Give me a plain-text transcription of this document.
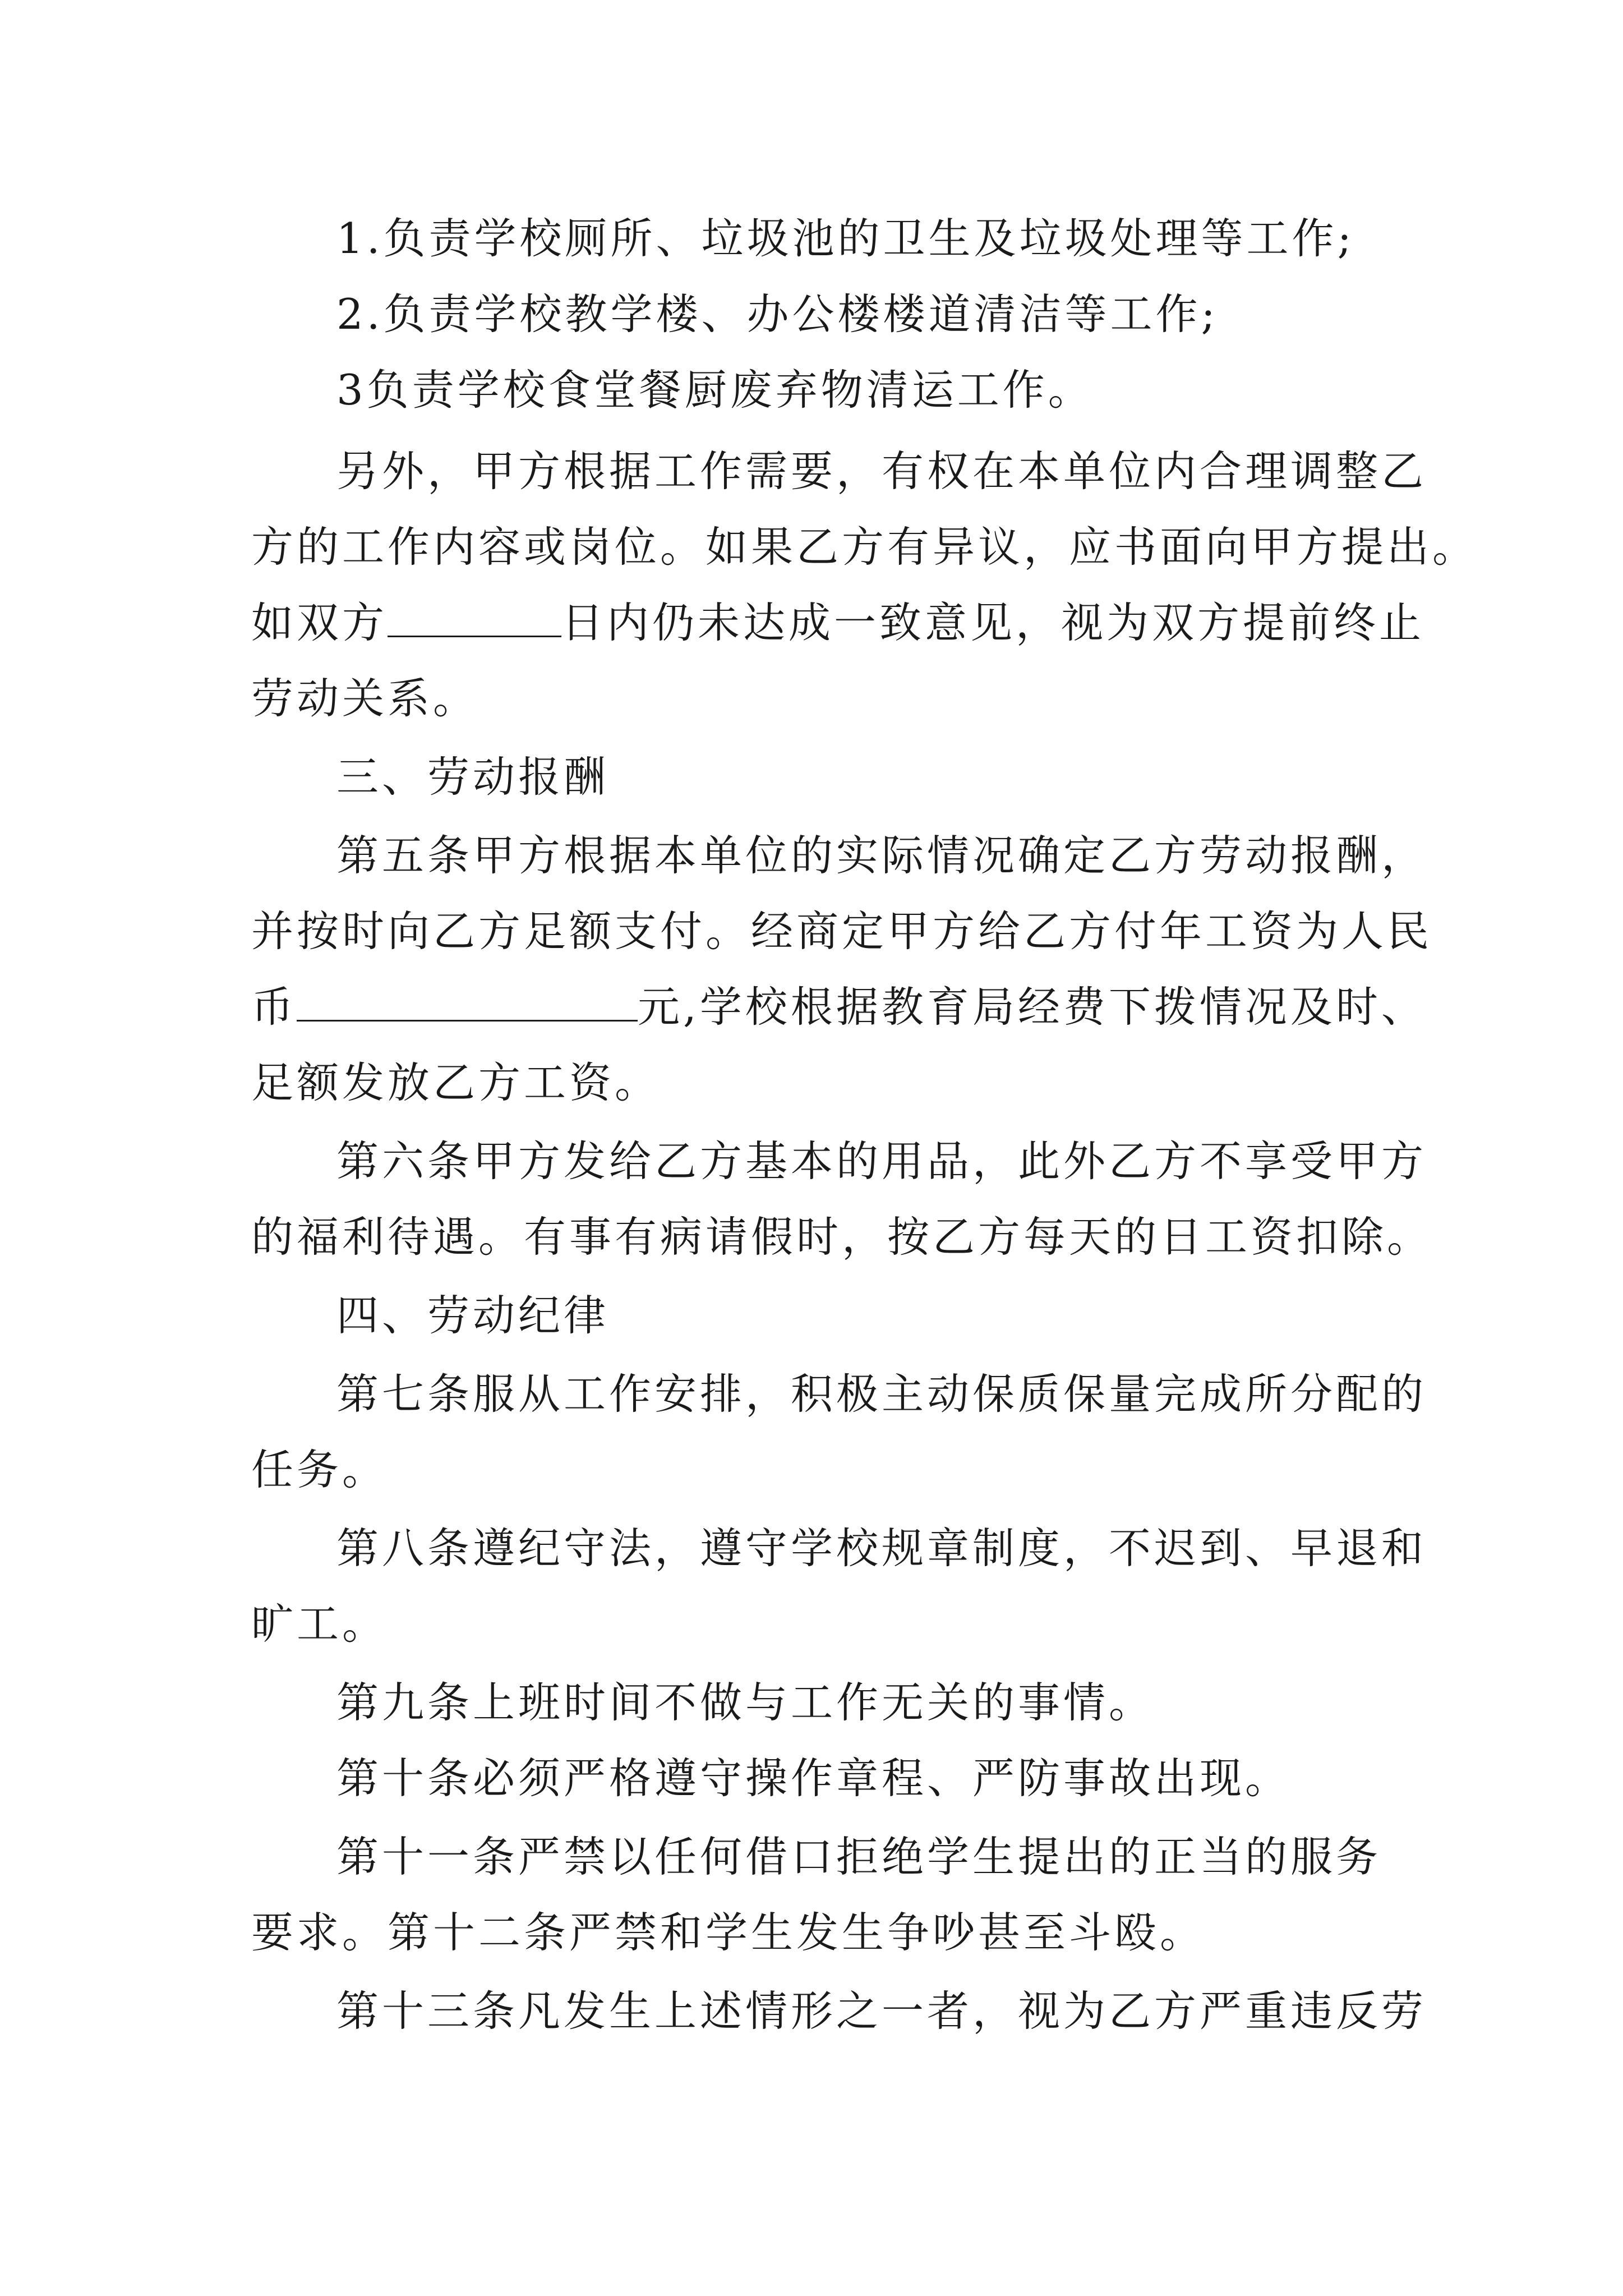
1.负责学校厕所、垃圾池的卫生及垃圾处理等工作;
2.负责学校教学楼、办公楼楼道清洁等工作;
3负责学校食堂餐厨废弃物清运工作。
另外，甲方根据工作需要，有权在本单位内合理调整乙
方的工作内容或岗位。如果乙方有异议，应书面向甲方提出。
如双方	日内仍未达成一致意见，视为双方提前终止
劳动关系。
三、劳动报酬
第五条甲方根据本单位的实际情况确定乙方劳动报酬，
并按时向乙方足额支付。经商定甲方给乙方付年工资为人民
币	元,学校根据教育局经费下拨情况及时、
足额发放乙方工资。
第六条甲方发给乙方基本的用品，此外乙方不享受甲方
的福利待遇。有事有病请假时，按乙方每天的日工资扣除。
四、劳动纪律
第七条服从工作安排，积极主动保质保量完成所分配的
任务。
第八条遵纪守法，遵守学校规章制度，不迟到、早退和
旷工。
第九条上班时间不做与工作无关的事情。
第十条必须严格遵守操作章程、严防事故出现。
第十一条严禁以任何借口拒绝学生提出的正当的服务
要求。第十二条严禁和学生发生争吵甚至斗殴。
第十三条凡发生上述情形之一者，视为乙方严重违反劳
